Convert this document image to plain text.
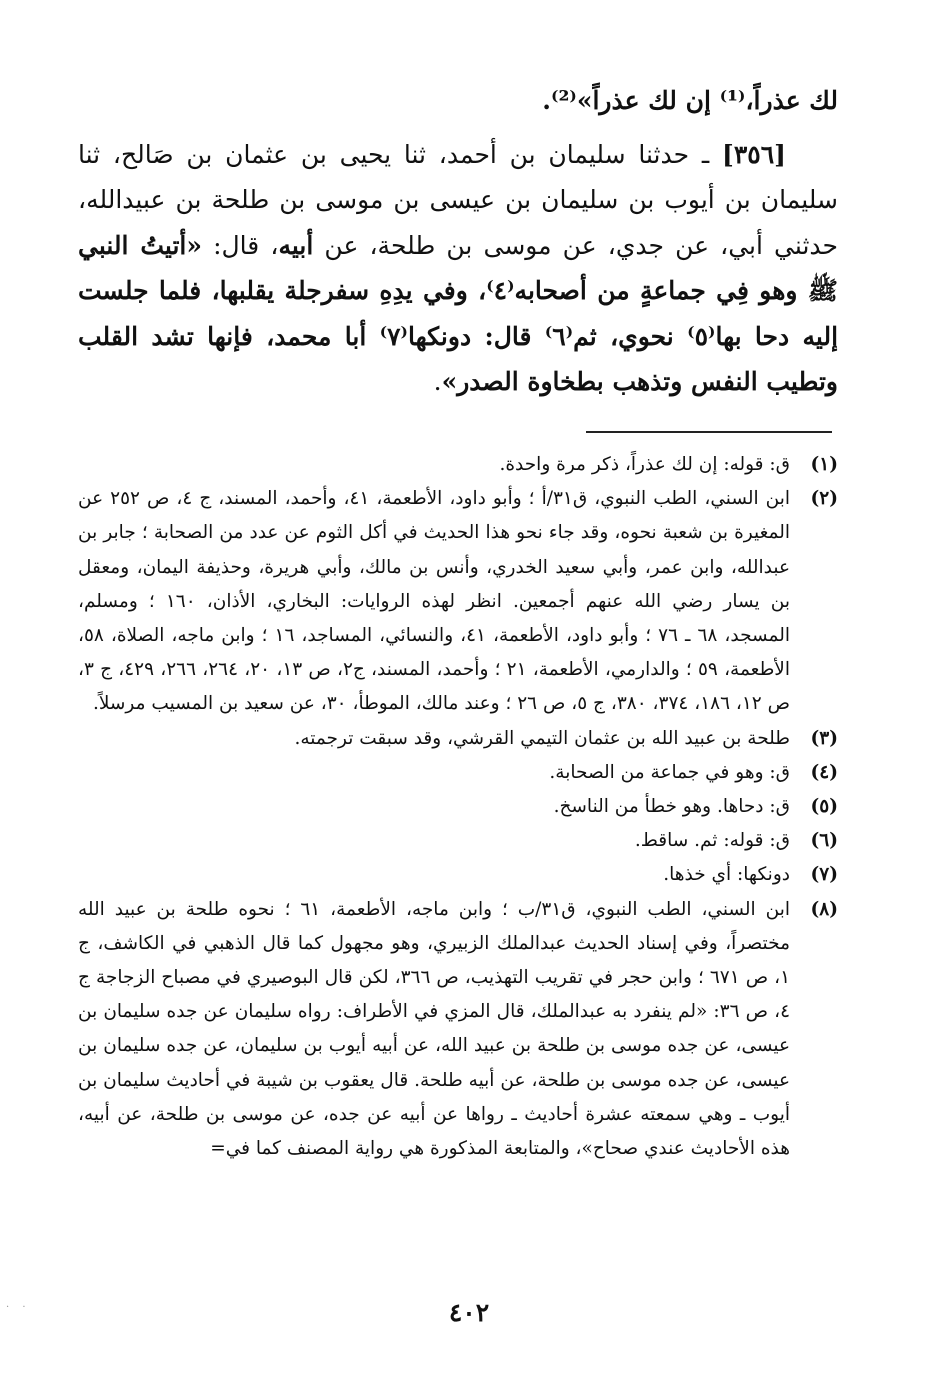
لك عذراً،⁽¹⁾ إن لك عذراً»⁽²⁾.

[٣٥٦] ـ حدثنا سليمان بن أحمد، ثنا يحيى بن عثمان بن صَالح، ثنا سليمان بن أيوب بن سليمان بن عيسى بن موسى بن طلحة بن عبيدالله، حدثني أبي، عن جدي، عن موسى بن طلحة، عن أبيه، قال: «أتيتُ النبي ﷺ وهو فِي جماعةٍ من أصحابه⁽٤⁾، وفي يدِهِ سفرجلة يقلبها، فلما جلست إليه دحا بها⁽٥⁾ نحوي، ثم⁽٦⁾ قال: دونكها⁽٧⁾ أبا محمد، فإنها تشد القلب وتطيب النفس وتذهب بطخاوة الصدر».

(١)
ق: قوله: إن لك عذراً، ذكر مرة واحدة.
(٢)
ابن السني، الطب النبوي، ق٣١/أ ؛ وأبو داود، الأطعمة، ٤١، وأحمد، المسند، ج ٤، ص ٢٥٢ عن المغيرة بن شعبة نحوه، وقد جاء نحو هذا الحديث في أكل الثوم عن عدد من الصحابة ؛ جابر بن عبدالله، وابن عمر، وأبي سعيد الخدري، وأنس بن مالك، وأبي هريرة، وحذيفة اليمان، ومعقل بن يسار رضي الله عنهم أجمعين. انظر لهذه الروايات: البخاري، الأذان، ١٦٠ ؛ ومسلم، المسجد، ٦٨ ـ ٧٦ ؛ وأبو داود، الأطعمة، ٤١، والنسائي، المساجد، ١٦ ؛ وابن ماجه، الصلاة، ٥٨، الأطعمة، ٥٩ ؛ والدارمي، الأطعمة، ٢١ ؛ وأحمد، المسند، ج٢، ص ١٣، ٢٠، ٢٦٤، ٢٦٦، ٤٢٩، ج ٣، ص ١٢، ١٨٦، ٣٧٤، ٣٨٠، ج ٥، ص ٢٦ ؛ وعند مالك، الموطأ، ٣٠، عن سعيد بن المسيب مرسلاً.
(٣)
طلحة بن عبيد الله بن عثمان التيمي القرشي، وقد سبقت ترجمته.
(٤)
ق: وهو في جماعة من الصحابة.
(٥)
ق: دحاها. وهو خطأ من الناسخ.
(٦)
ق: قوله: ثم. ساقط.
(٧)
دونكها: أي خذها.
(٨)
ابن السني، الطب النبوي، ق٣١/ب ؛ وابن ماجه، الأطعمة، ٦١ ؛ نحوه طلحة بن عبيد الله مختصراً، وفي إسناد الحديث عبدالملك الزبيري، وهو مجهول كما قال الذهبي في الكاشف، ج ١، ص ٦٧١ ؛ وابن حجر في تقريب التهذيب، ص ٣٦٦، لكن قال البوصيري في مصباح الزجاجة ج ٤، ص ٣٦: «لم ينفرد به عبدالملك، قال المزي في الأطراف: رواه سليمان عن جده سليمان بن عيسى، عن جده موسى بن طلحة بن عبيد الله، عن أبيه أيوب بن سليمان، عن جده سليمان بن عيسى، عن جده موسى بن طلحة، عن أبيه طلحة. قال يعقوب بن شيبة في أحاديث سليمان بن أيوب ـ وهي سمعته عشرة أحاديث ـ رواها عن أبيه عن جده، عن موسى بن طلحة، عن أبيه، هذه الأحاديث عندي صحاح»، والمتابعة المذكورة هي رواية المصنف كما في=
٤٠٢
· ·
